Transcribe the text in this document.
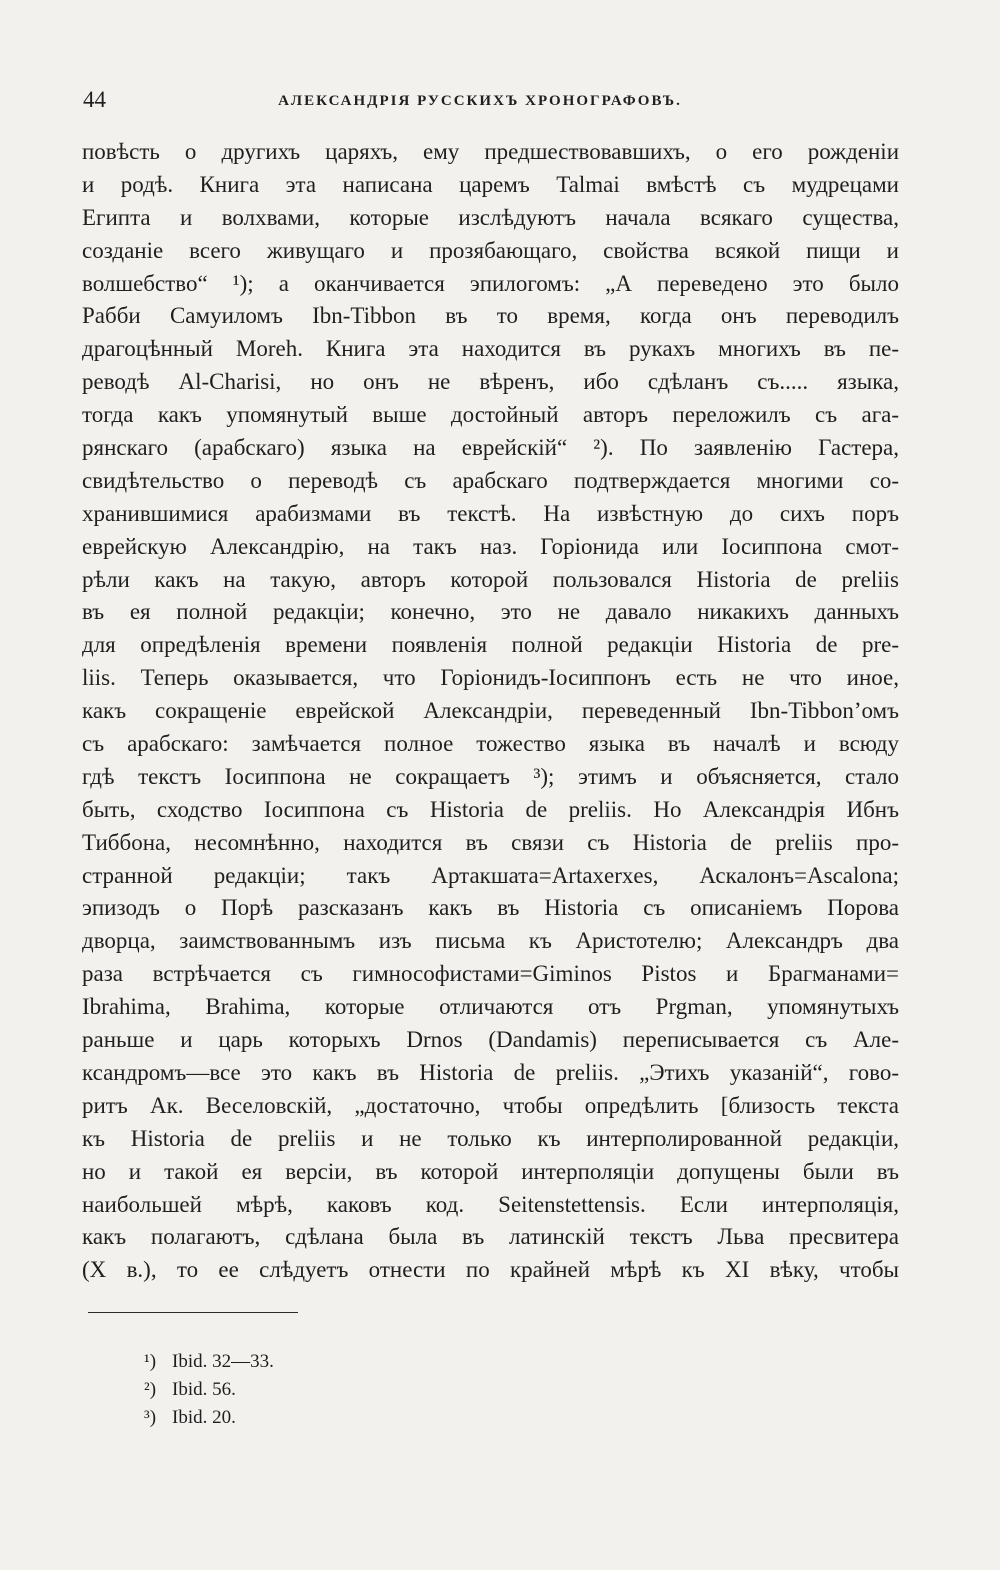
44	АЛЕКСАНДРІЯ РУССКИХЪ ХРОНОГРАФОВЪ.
повѣсть о другихъ царяхъ, ему предшествовавшихъ, о его рожденіи
и родѣ. Книга эта написана царемъ Talmai вмѣстѣ съ мудрецами
Египта и волхвами, которые изслѣдуютъ начала всякаго существа,
созданіе всего живущаго и прозябающаго, свойства всякой пищи и
волшебство“ ¹); а оканчивается эпилогомъ: „А переведено это было
Рабби Самуиломъ Ibn-Tibbon въ то время, когда онъ переводилъ
драгоцѣнный Moreh. Книга эта находится въ рукахъ многихъ въ пе-
реводѣ Al-Charisi, но онъ не вѣренъ, ибо сдѣланъ съ..... языка,
тогда какъ упомянутый выше достойный авторъ переложилъ съ ага-
рянскаго (арабскаго) языка на еврейскій“ ²). По заявленію Гастера,
свидѣтельство о переводѣ съ арабскаго подтверждается многими со-
хранившимися арабизмами въ текстѣ. На извѣстную до сихъ поръ
еврейскую Александрію, на такъ наз. Горіонида или Іосиппона смот-
рѣли какъ на такую, авторъ которой пользовался Historia de preliis
въ ея полной редакціи; конечно, это не давало никакихъ данныхъ
для опредѣленія времени появленія полной редакціи Historia de pre-
liis. Теперь оказывается, что Горіонидъ-Іосиппонъ есть не что иное,
какъ сокращеніе еврейской Александріи, переведенный Ibn-Tibbon’омъ
съ арабскаго: замѣчается полное тожество языка въ началѣ и всюду
гдѣ текстъ Іосиппона не сокращаетъ ³); этимъ и объясняется, стало
быть, сходство Іосиппона съ Historia de preliis. Но Александрія Ибнъ
Тиббона, несомнѣнно, находится въ связи съ Historia de preliis про-
странной редакціи; такъ Артакшата=Artaxerxes, Аскалонъ=Ascalona;
эпизодъ о Порѣ разсказанъ какъ въ Historia съ описаніемъ Порова
дворца, заимствованнымъ изъ письма къ Аристотелю; Александръ два
раза встрѣчается съ гимнософистами=Giminos Pistos и Брагманами=
Ibrahima, Brahima, которые отличаются отъ Prgman, упомянутыхъ
раньше и царь которыхъ Drnos (Dandamis) переписывается съ Але-
ксандромъ—все это какъ въ Historia de preliis. „Этихъ указаній“, гово-
ритъ Ак. Веселовскій, „достаточно, чтобы опредѣлить [близость текста
къ Historia de preliis и не только къ интерполированной редакціи,
но и такой ея версіи, въ которой интерполяціи допущены были въ
наибольшей мѣрѣ, каковъ код. Seitenstettensis. Если интерполяція,
какъ полагаютъ, сдѣлана была въ латинскій текстъ Льва пресвитера
(X в.), то ее слѣдуетъ отнести по крайней мѣрѣ къ XI вѣку, чтобы
¹) Ibid. 32—33.
²) Ibid. 56.
³) Ibid. 20.
